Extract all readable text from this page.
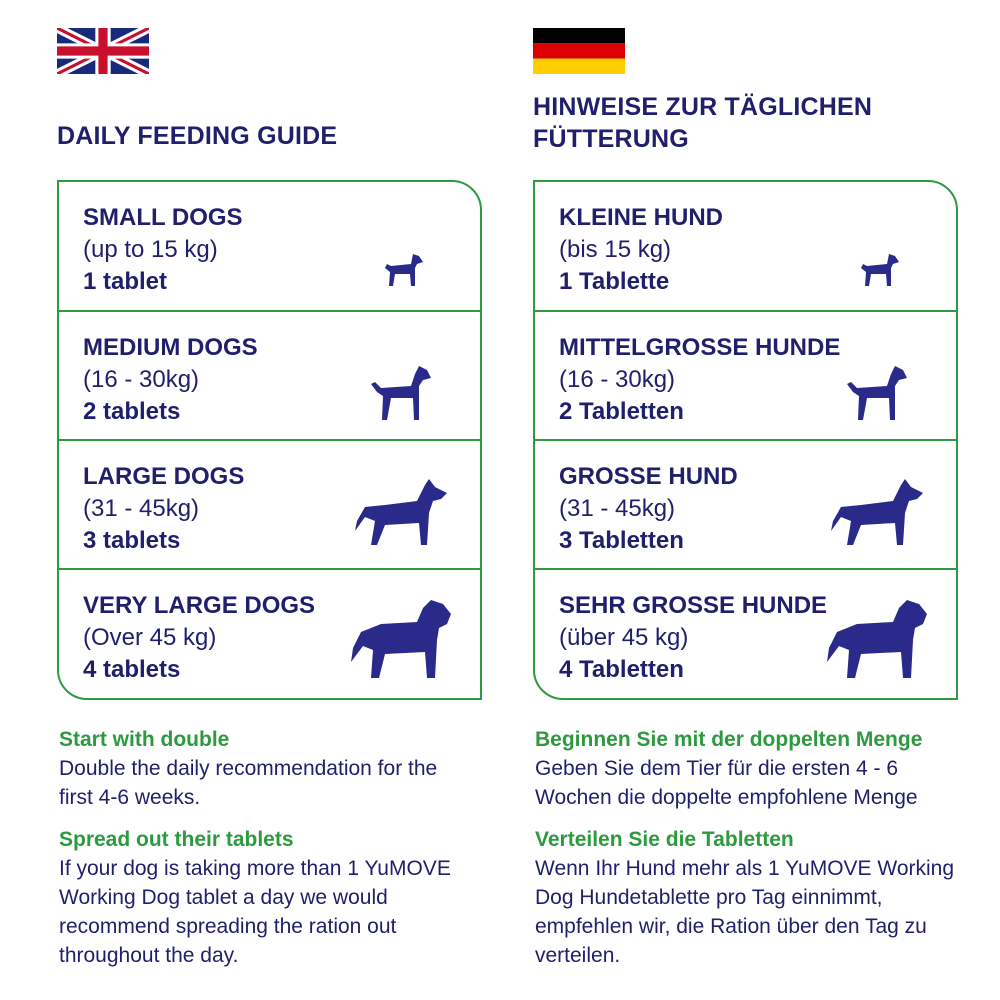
DAILY FEEDING GUIDE
SMALL DOGS
(up to 15 kg)
1 tablet
MEDIUM DOGS
(16 - 30kg)
2 tablets
LARGE DOGS
(31 - 45kg)
3 tablets
VERY LARGE DOGS
(Over 45 kg)
4 tablets
Start with double
Double the daily recommendation for the first 4-6 weeks.
Spread out their tablets
If your dog is taking more than 1 YuMOVE Working Dog tablet a day we would recommend spreading the ration out throughout the day.
HINWEISE ZUR TÄGLICHEN FÜTTERUNG
KLEINE HUND
(bis 15 kg)
1 Tablette
MITTELGROSSE HUNDE
(16 - 30kg)
2 Tabletten
GROSSE HUND
(31 - 45kg)
3 Tabletten
SEHR GROSSE HUNDE
(über 45 kg)
4 Tabletten
Beginnen Sie mit der doppelten Menge
Geben Sie dem Tier für die ersten 4 - 6 Wochen die doppelte empfohlene Menge
Verteilen Sie die Tabletten
Wenn Ihr Hund mehr als 1 YuMOVE Working Dog Hundetablette pro Tag einnimmt, empfehlen wir, die Ration über den Tag zu verteilen.
